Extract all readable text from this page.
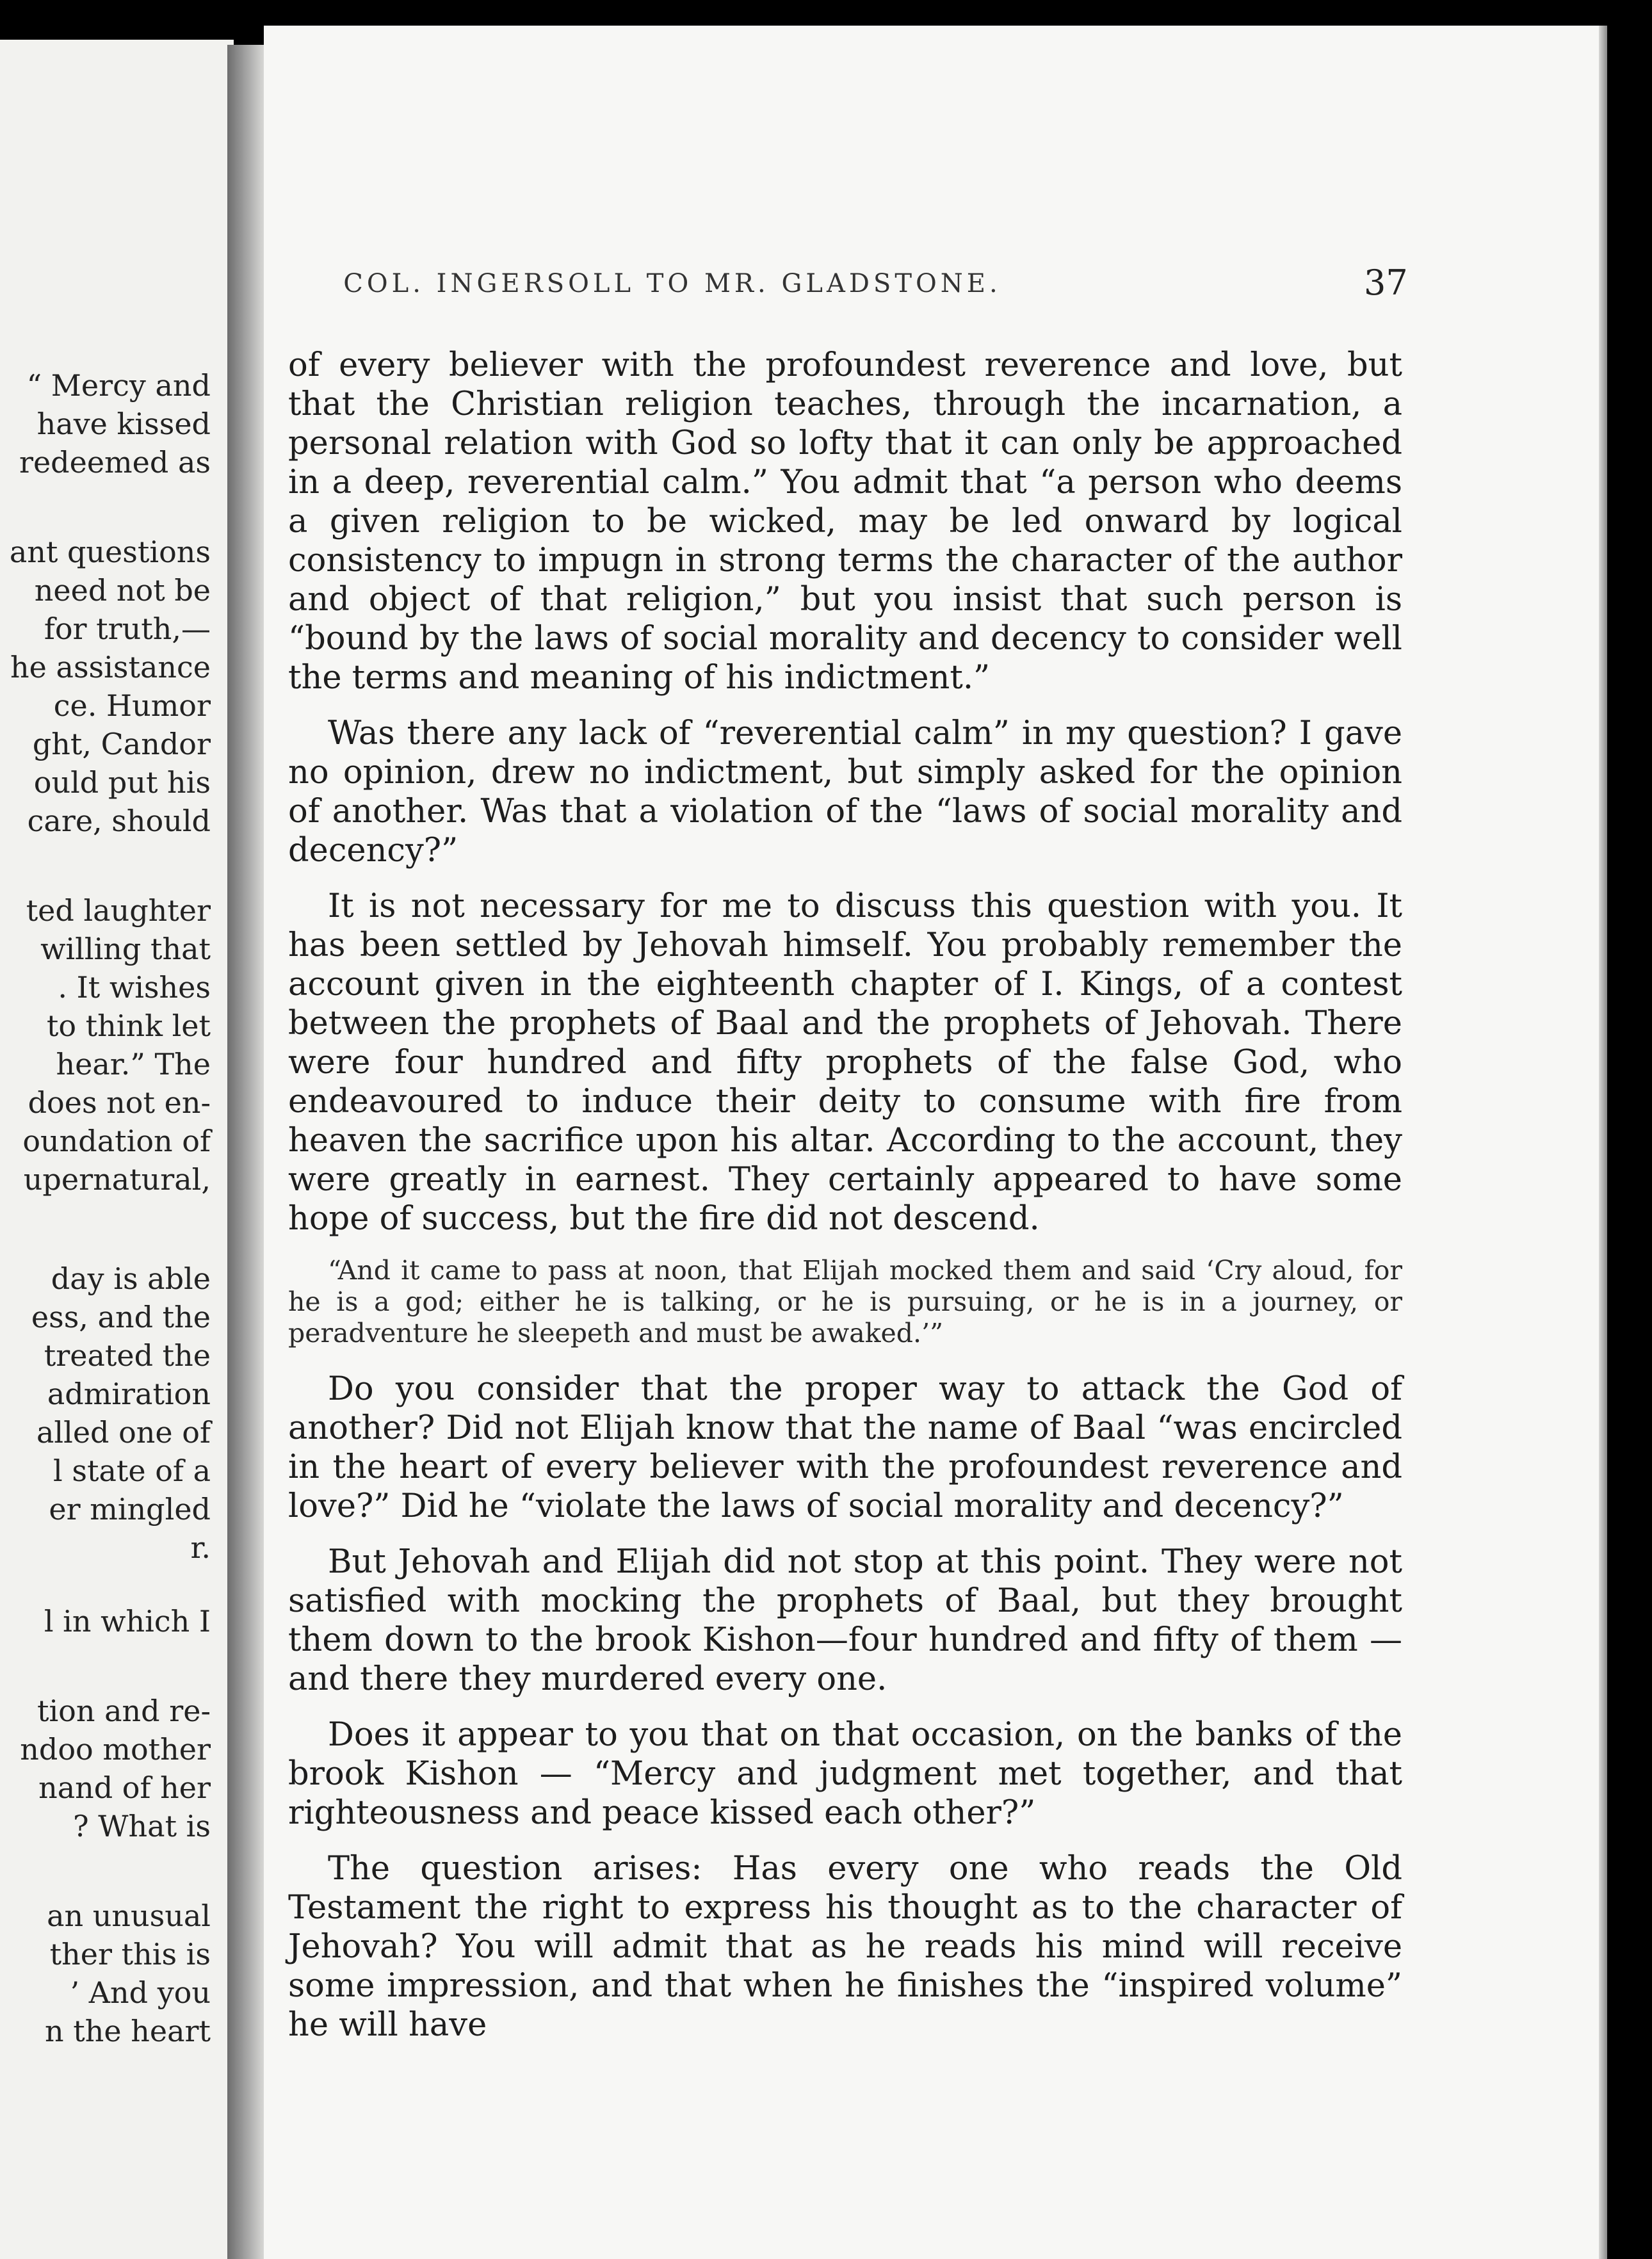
“ Mercy and
have kissed
redeemed as
ant questions
need not be
for truth,—
he assistance
ce. Humor
ght, Candor
ould put his
care, should
ted laughter
willing that
. It wishes
to think let
hear.” The
does not en-
oundation of
upernatural,
day is able
ess, and the
treated the
admiration
alled one of
l state of a
er mingled
r.
l in which I
tion and re-
ndoo mother
nand of her
? What is
an unusual
ther this is
’ And you
n the heart
COL. INGERSOLL TO MR. GLADSTONE.	37

of every believer with the profoundest reverence and love, but that the Christian religion teaches, through the incarnation, a personal relation with God so lofty that it can only be approached in a deep, reverential calm.” You admit that “a person who deems a given religion to be wicked, may be led onward by logical consistency to impugn in strong terms the character of the author and object of that religion,” but you insist that such person is “bound by the laws of social morality and decency to consider well the terms and meaning of his indictment.”

Was there any lack of “reverential calm” in my question? I gave no opinion, drew no indictment, but simply asked for the opinion of another. Was that a violation of the “laws of social morality and decency?”

It is not necessary for me to discuss this question with you. It has been settled by Jehovah himself. You probably remember the account given in the eighteenth chapter of I. Kings, of a contest between the prophets of Baal and the prophets of Jehovah. There were four hundred and fifty prophets of the false God, who endeavoured to induce their deity to consume with fire from heaven the sacrifice upon his altar. According to the account, they were greatly in earnest. They certainly appeared to have some hope of success, but the fire did not descend.

“And it came to pass at noon, that Elijah mocked them and said ‘Cry aloud, for he is a god; either he is talking, or he is pursuing, or he is in a journey, or peradventure he sleepeth and must be awaked.’”

Do you consider that the proper way to attack the God of another? Did not Elijah know that the name of Baal “was encircled in the heart of every believer with the profoundest reverence and love?” Did he “violate the laws of social morality and decency?”

But Jehovah and Elijah did not stop at this point. They were not satisfied with mocking the prophets of Baal, but they brought them down to the brook Kishon—four hundred and fifty of them —and there they murdered every one.

Does it appear to you that on that occasion, on the banks of the brook Kishon — “Mercy and judgment met together, and that righteousness and peace kissed each other?”

The question arises: Has every one who reads the Old Testament the right to express his thought as to the character of Jehovah? You will admit that as he reads his mind will receive some impression, and that when he finishes the “inspired volume” he will have
